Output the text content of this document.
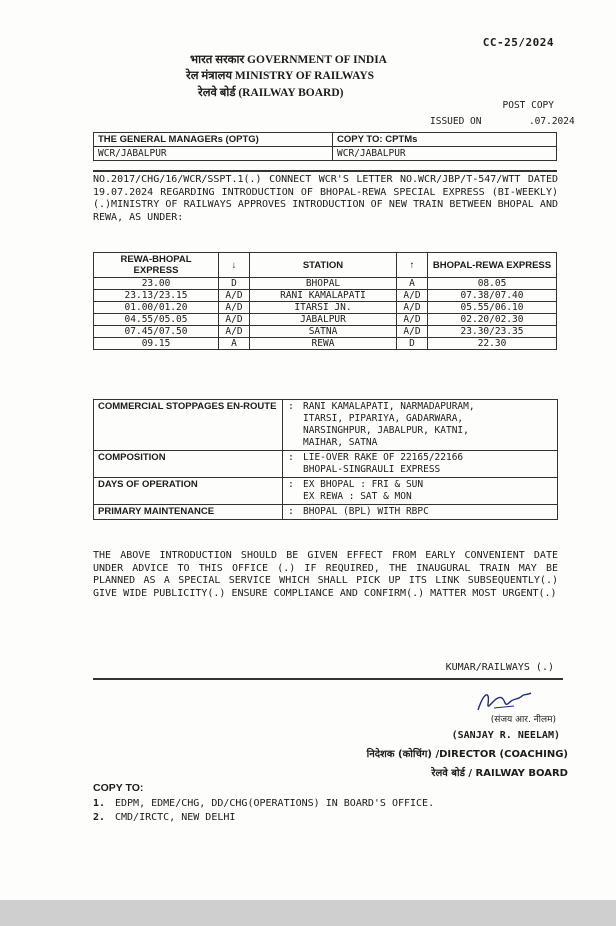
CC-25/2024
भारत सरकार GOVERNMENT OF INDIA
रेल मंत्रालय MINISTRY OF RAILWAYS
रेलवे बोर्ड (RAILWAY BOARD)
POST COPY
ISSUED ON	.07.2024
THE GENERAL MANAGERs (OPTG)	COPY TO: CPTMs
WCR/JABALPUR	WCR/JABALPUR
NO.2017/CHG/16/WCR/SSPT.1(.) CONNECT WCR'S LETTER NO.WCR/JBP/T-547/WTT DATED 19.07.2024 REGARDING INTRODUCTION OF BHOPAL-REWA SPECIAL EXPRESS (BI-WEEKLY) (.)MINISTRY OF RAILWAYS APPROVES INTRODUCTION OF NEW TRAIN BETWEEN BHOPAL AND REWA, AS UNDER:
REWA-BHOPAL EXPRESS	↓	STATION	↑	BHOPAL-REWA EXPRESS
23.00	D	BHOPAL	A	08.05
23.13/23.15	A/D	RANI KAMALAPATI	A/D	07.38/07.40
01.00/01.20	A/D	ITARSI JN.	A/D	05.55/06.10
04.55/05.05	A/D	JABALPUR	A/D	02.20/02.30
07.45/07.50	A/D	SATNA	A/D	23.30/23.35
09.15	A	REWA	D	22.30
COMMERCIAL STOPPAGES EN-ROUTE	:	RANI KAMALAPATI, NARMADAPURAM,
ITARSI, PIPARIYA, GADARWARA,
NARSINGHPUR, JABALPUR, KATNI,
MAIHAR, SATNA

COMPOSITION	:	LIE-OVER RAKE OF 22165/22166
BHOPAL-SINGRAULI EXPRESS

DAYS OF OPERATION	:	EX BHOPAL : FRI & SUN
EX REWA : SAT & MON

PRIMARY MAINTENANCE	:	BHOPAL (BPL) WITH RBPC
THE ABOVE INTRODUCTION SHOULD BE GIVEN EFFECT FROM EARLY CONVENIENT DATE UNDER ADVICE TO THIS OFFICE (.) IF REQUIRED, THE INAUGURAL TRAIN MAY BE PLANNED AS A SPECIAL SERVICE WHICH SHALL PICK UP ITS LINK SUBSEQUENTLY(.) GIVE WIDE PUBLICITY(.) ENSURE COMPLIANCE AND CONFIRM(.) MATTER MOST URGENT(.)
KUMAR/RAILWAYS (.)
(संजय आर. नीलम)
(SANJAY R. NEELAM)
निदेशक (कोचिंग) /DIRECTOR (COACHING)
रेलवे बोर्ड / RAILWAY BOARD
COPY TO:
1. EDPM, EDME/CHG, DD/CHG(OPERATIONS) IN BOARD'S OFFICE.
2. CMD/IRCTC, NEW DELHI
